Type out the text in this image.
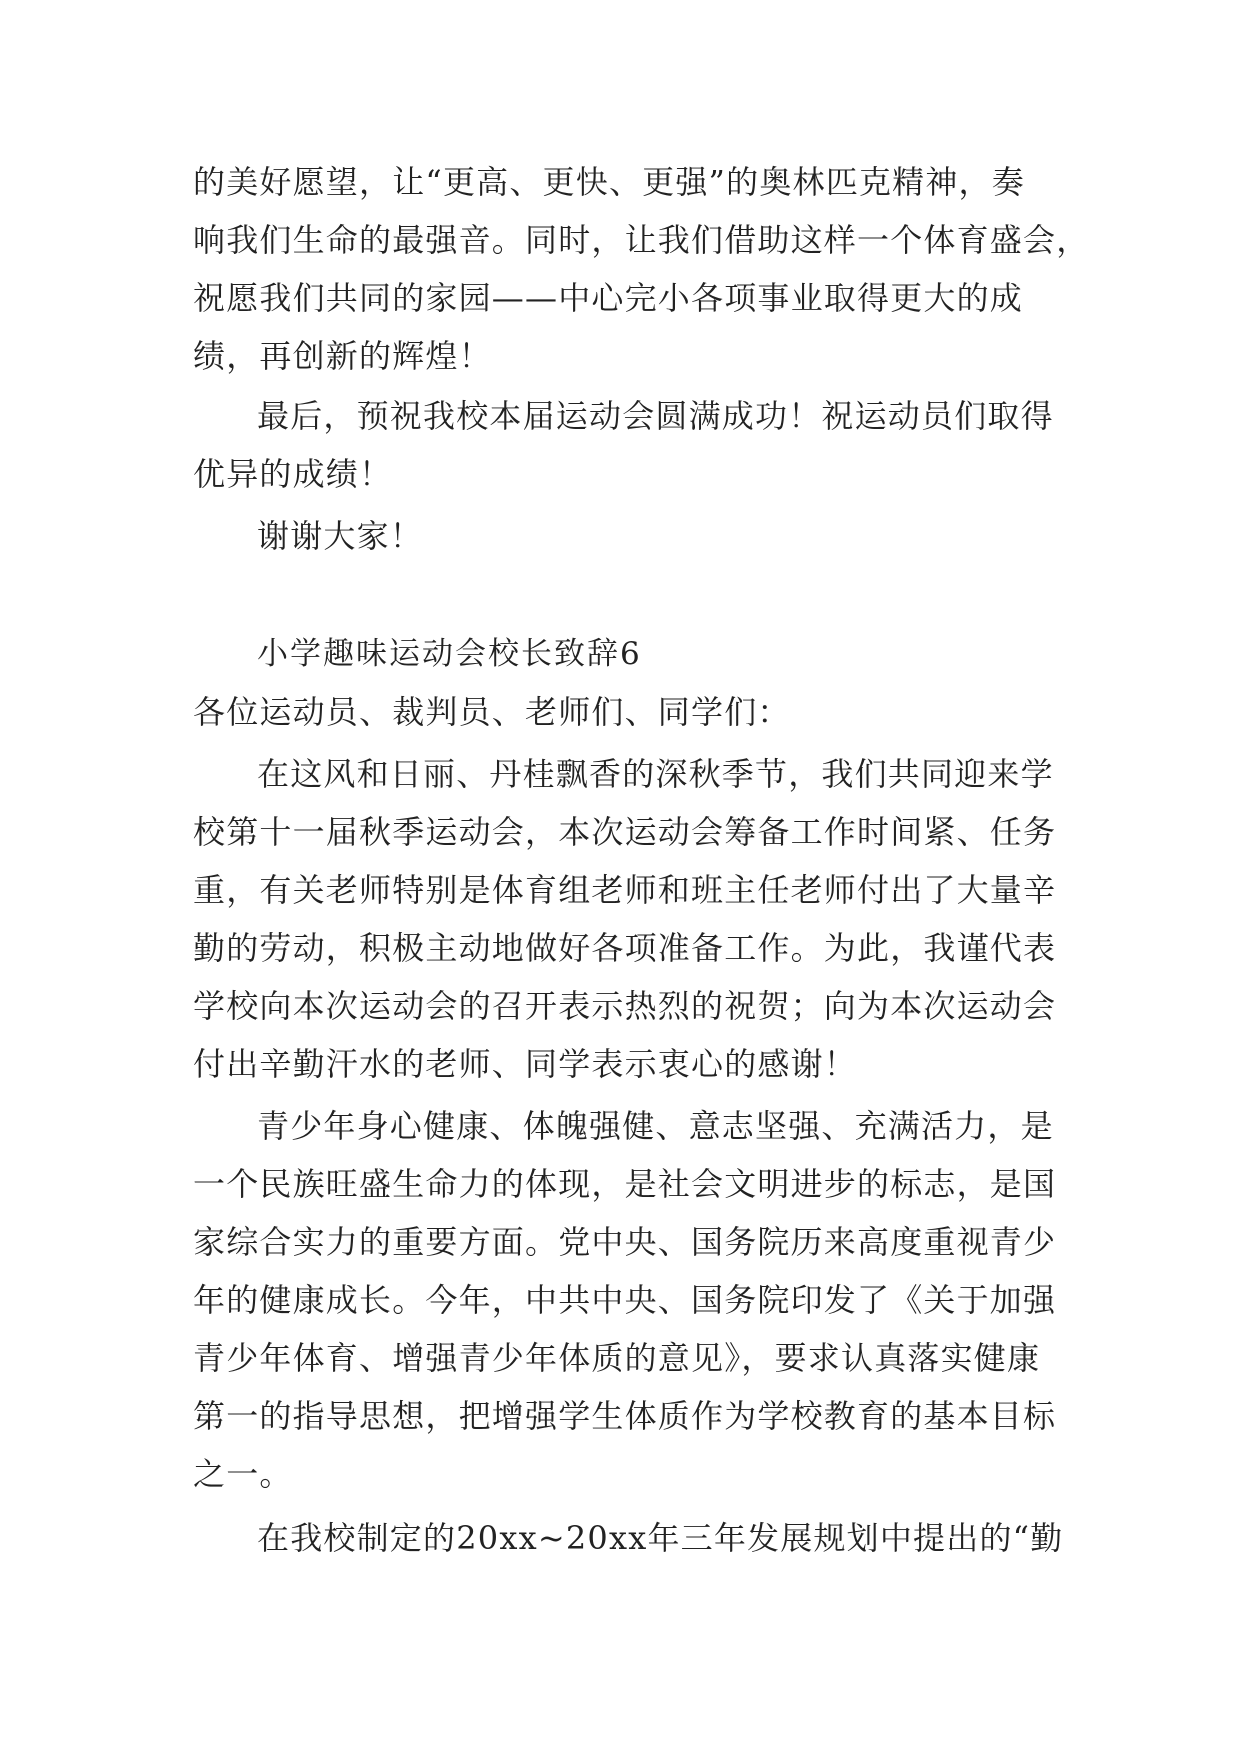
的美好愿望，让“更高、更快、更强”的奥林匹克精神，奏
响我们生命的最强音。同时，让我们借助这样一个体育盛会，
祝愿我们共同的家园——中心完小各项事业取得更大的成
绩，再创新的辉煌！
最后，预祝我校本届运动会圆满成功！祝运动员们取得
优异的成绩！
谢谢大家！
小学趣味运动会校长致辞6
各位运动员、裁判员、老师们、同学们：
在这风和日丽、丹桂飘香的深秋季节，我们共同迎来学
校第十一届秋季运动会，本次运动会筹备工作时间紧、任务
重，有关老师特别是体育组老师和班主任老师付出了大量辛
勤的劳动，积极主动地做好各项准备工作。为此，我谨代表
学校向本次运动会的召开表示热烈的祝贺；向为本次运动会
付出辛勤汗水的老师、同学表示衷心的感谢！
青少年身心健康、体魄强健、意志坚强、充满活力，是
一个民族旺盛生命力的体现，是社会文明进步的标志，是国
家综合实力的重要方面。党中央、国务院历来高度重视青少
年的健康成长。今年，中共中央、国务院印发了《关于加强
青少年体育、增强青少年体质的意见》，要求认真落实健康
第一的指导思想，把增强学生体质作为学校教育的基本目标
之一。
在我校制定的20xx~20xx年三年发展规划中提出的“勤
